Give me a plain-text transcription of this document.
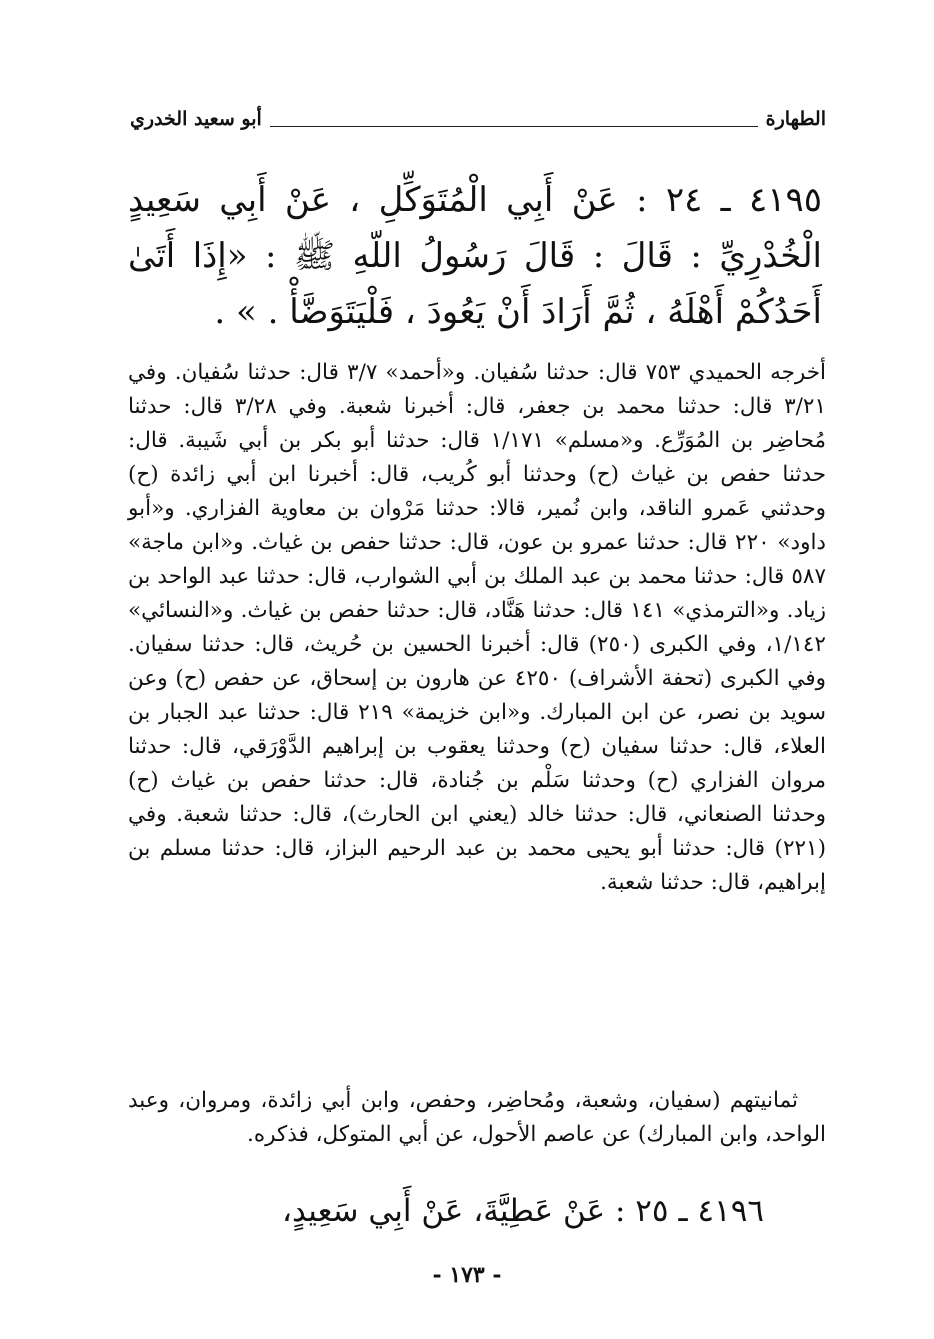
الطهارة
أبو سعيد الخدري
٤١٩٥ ـ ٢٤ : عَنْ أَبِي الْمُتَوَكِّلِ ، عَنْ أَبِي سَعِيدٍ الْخُدْرِيِّ : قَالَ : قَالَ رَسُولُ اللّهِ ﷺ : «إِذَا أَتَىٰ أَحَدُكُمْ أَهْلَهُ ، ثُمَّ أَرَادَ أَنْ يَعُودَ ، فَلْيَتَوَضَّأْ . » .
أخرجه الحميدي ٧٥٣ قال: حدثنا سُفيان. و«أحمد» ٣/٧ قال: حدثنا سُفيان. وفي ٣/٢١ قال: حدثنا محمد بن جعفر، قال: أخبرنا شعبة. وفي ٣/٢٨ قال: حدثنا مُحاضِر بن المُوَرِّع. و«مسلم» ١/١٧١ قال: حدثنا أبو بكر بن أبي شَيبة. قال: حدثنا حفص بن غياث (ح) وحدثنا أبو كُريب، قال: أخبرنا ابن أبي زائدة (ح) وحدثني عَمرو الناقد، وابن نُمير، قالا: حدثنا مَرْوان بن معاوية الفزاري. و«أبو داود» ٢٢٠ قال: حدثنا عمرو بن عون، قال: حدثنا حفص بن غياث. و«ابن ماجة» ٥٨٧ قال: حدثنا محمد بن عبد الملك بن أبي الشوارب، قال: حدثنا عبد الواحد بن زياد. و«الترمذي» ١٤١ قال: حدثنا هَنَّاد، قال: حدثنا حفص بن غياث. و«النسائي» ١/١٤٢، وفي الكبرى (٢٥٠) قال: أخبرنا الحسين بن حُريث، قال: حدثنا سفيان. وفي الكبرى (تحفة الأشراف) ٤٢٥٠ عن هارون بن إسحاق، عن حفص (ح) وعن سويد بن نصر، عن ابن المبارك. و«ابن خزيمة» ٢١٩ قال: حدثنا عبد الجبار بن العلاء، قال: حدثنا سفيان (ح) وحدثنا يعقوب بن إبراهيم الدَّوْرَقي، قال: حدثنا مروان الفزاري (ح) وحدثنا سَلْم بن جُنادة، قال: حدثنا حفص بن غياث (ح) وحدثنا الصنعاني، قال: حدثنا خالد (يعني ابن الحارث)، قال: حدثنا شعبة. وفي (٢٢١) قال: حدثنا أبو يحيى محمد بن عبد الرحيم البزاز، قال: حدثنا مسلم بن إبراهيم، قال: حدثنا شعبة.
ثمانيتهم (سفيان، وشعبة، ومُحاضِر، وحفص، وابن أبي زائدة، ومروان، وعبد الواحد، وابن المبارك) عن عاصم الأحول، عن أبي المتوكل، فذكره.
٤١٩٦ ـ ٢٥ : عَنْ عَطِيَّةَ، عَنْ أَبِي سَعِيدٍ،
- ١٧٣ -
